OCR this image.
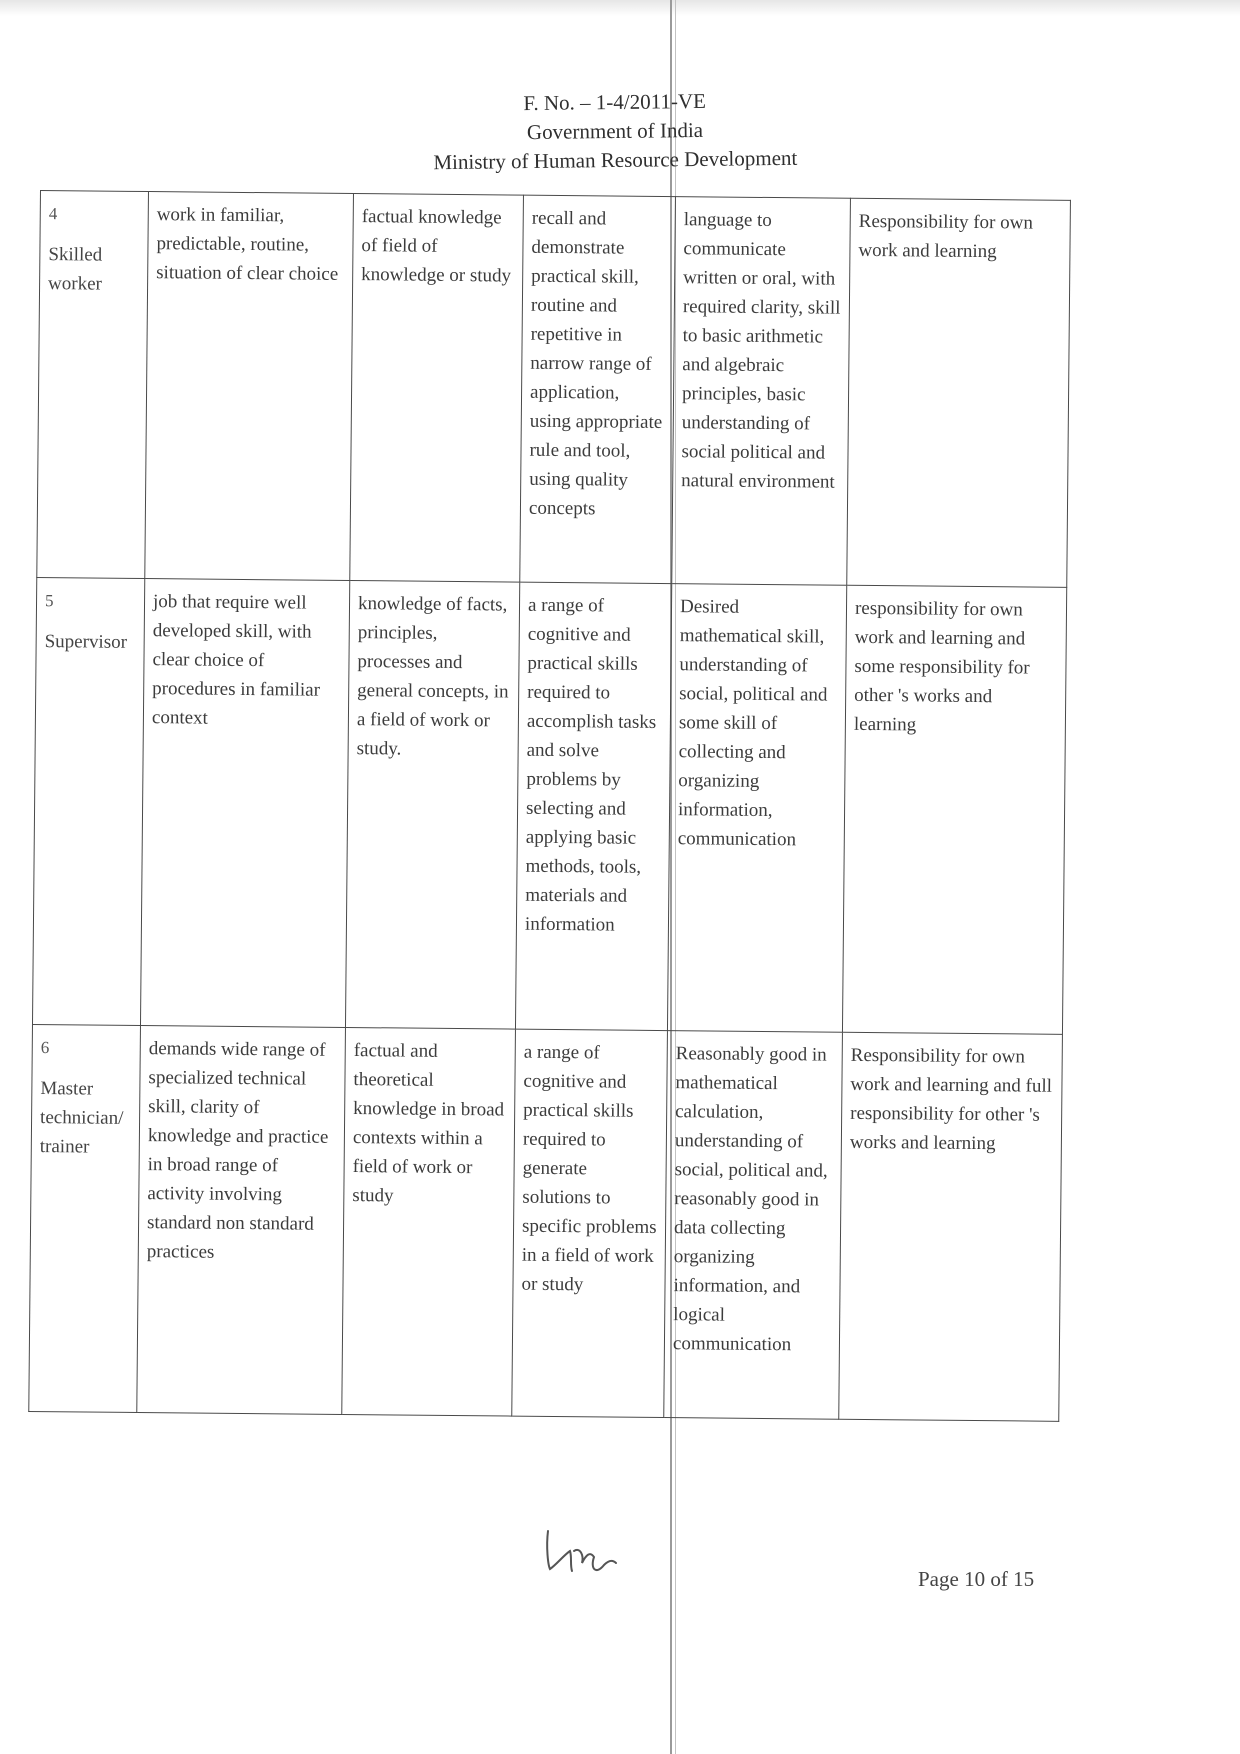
F. No. – 1-4/2011-VE
Government of India
Ministry of Human Resource Development
4
Skilled worker	work in familiar, predictable, routine, situation of clear choice	factual knowledge of field of knowledge or study	recall and demonstrate practical skill, routine and repetitive in narrow range of application, using appropriate rule and tool, using quality concepts	language to communicate written or oral, with required clarity, skill to basic arithmetic and algebraic principles, basic understanding of social political and natural environment	Responsibility for own work and learning

5
Supervisor	job that require well developed skill, with clear choice of procedures in familiar context	knowledge of facts, principles, processes and general concepts, in a field of work or study.	a range of cognitive and practical skills required to accomplish tasks and solve problems by selecting and applying basic methods, tools, materials and information	Desired mathematical skill, understanding of social, political and some skill of collecting and organizing information, communication	responsibility for own work and learning and some responsibility for other 's works and learning

6
Master technician/ trainer	demands wide range of specialized technical skill, clarity of knowledge and practice in broad range of activity involving standard non standard practices	factual and theoretical knowledge in broad contexts within a field of work or study	a range of cognitive and practical skills required to generate solutions to specific problems in a field of work or study	Reasonably good in mathematical calculation, understanding of social, political and, reasonably good in data collecting organizing information, and logical communication	Responsibility for own work and learning and full responsibility for other 's works and learning
Page 10 of 15
